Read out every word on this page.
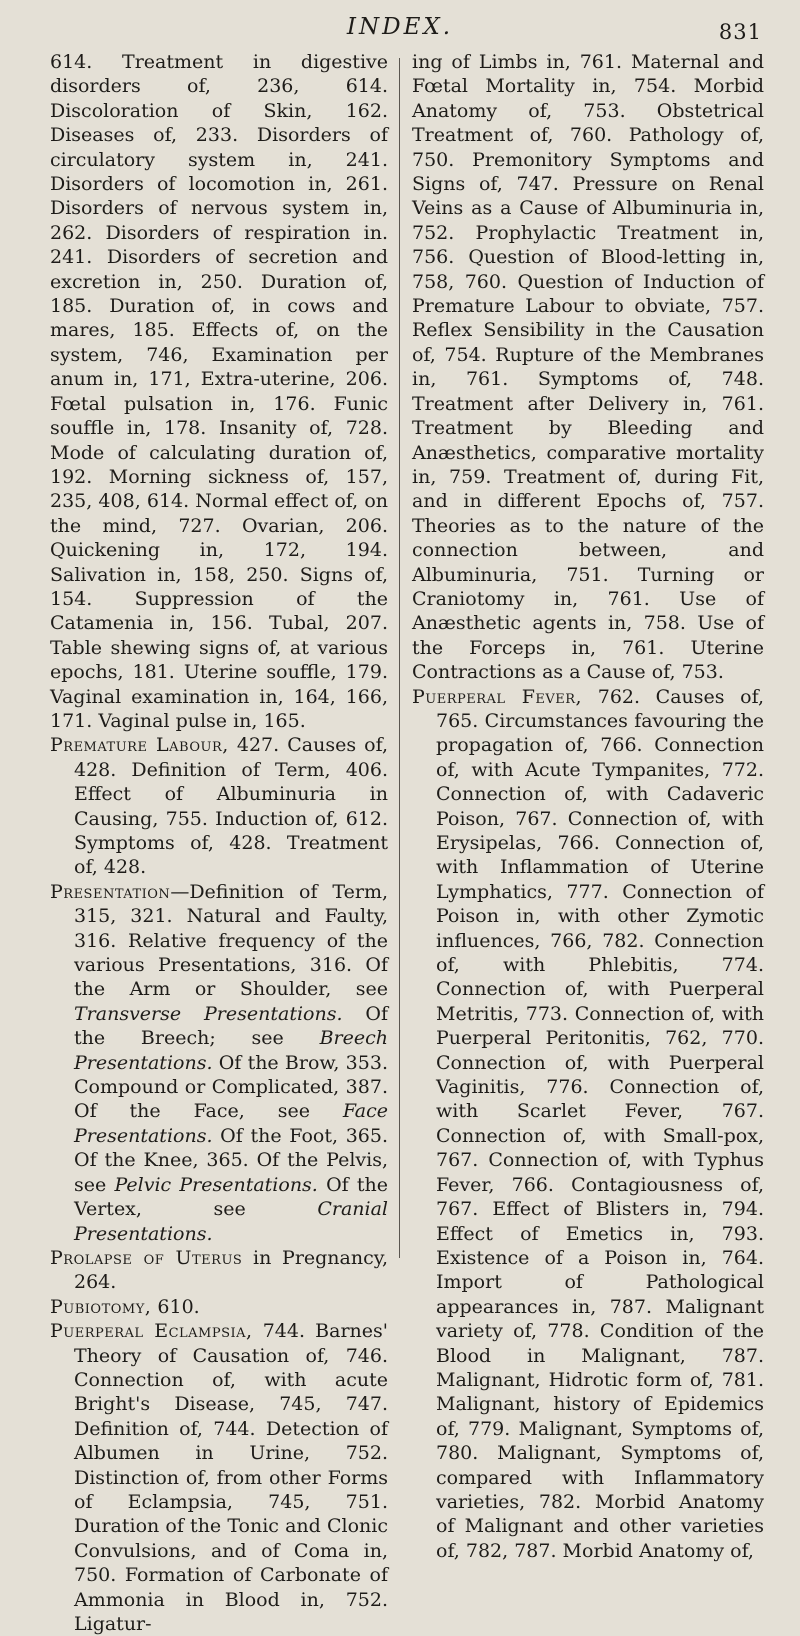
INDEX.	831

614. Treatment in digestive disorders of, 236, 614. Discoloration of Skin, 162. Diseases of, 233. Disorders of circulatory system in, 241. Disorders of locomotion in, 261. Disorders of nervous system in, 262. Disorders of respiration in. 241. Disorders of secretion and excretion in, 250. Duration of, 185. Duration of, in cows and mares, 185. Effects of, on the system, 746, Examination per anum in, 171, Extra-uterine, 206. Fœtal pulsation in, 176. Funic souffle in, 178. Insanity of, 728. Mode of calculating duration of, 192. Morning sickness of, 157, 235, 408, 614. Normal effect of, on the mind, 727. Ovarian, 206. Quickening in, 172, 194. Salivation in, 158, 250. Signs of, 154. Suppression of the Catamenia in, 156. Tubal, 207. Table shewing signs of, at various epochs, 181. Uterine souffle, 179. Vaginal examination in, 164, 166, 171. Vaginal pulse in, 165.

Premature Labour, 427. Causes of, 428. Definition of Term, 406. Effect of Albuminuria in Causing, 755. Induction of, 612. Symptoms of, 428. Treatment of, 428.

Presentation—Definition of Term, 315, 321. Natural and Faulty, 316. Relative frequency of the various Presentations, 316. Of the Arm or Shoulder, see Transverse Presentations. Of the Breech; see Breech Presentations. Of the Brow, 353. Compound or Complicated, 387. Of the Face, see Face Presentations. Of the Foot, 365. Of the Knee, 365. Of the Pelvis, see Pelvic Presentations. Of the Vertex, see Cranial Presentations.

Prolapse of Uterus in Pregnancy, 264.

Pubiotomy, 610.

Puerperal Eclampsia, 744. Barnes' Theory of Causation of, 746. Connection of, with acute Bright's Disease, 745, 747. Definition of, 744. Detection of Albumen in Urine, 752. Distinction of, from other Forms of Eclampsia, 745, 751. Duration of the Tonic and Clonic Convulsions, and of Coma in, 750. Formation of Carbonate of Ammonia in Blood in, 752. Ligatur-

ing of Limbs in, 761. Maternal and Fœtal Mortality in, 754. Morbid Anatomy of, 753. Obstetrical Treatment of, 760. Pathology of, 750. Premonitory Symptoms and Signs of, 747. Pressure on Renal Veins as a Cause of Albuminuria in, 752. Prophylactic Treatment in, 756. Question of Blood-letting in, 758, 760. Question of Induction of Premature Labour to obviate, 757. Reflex Sensibility in the Causation of, 754. Rupture of the Membranes in, 761. Symptoms of, 748. Treatment after Delivery in, 761. Treatment by Bleeding and Anæsthetics, comparative mortality in, 759. Treatment of, during Fit, and in different Epochs of, 757. Theories as to the nature of the connection between, and Albuminuria, 751. Turning or Craniotomy in, 761. Use of Anæsthetic agents in, 758. Use of the Forceps in, 761. Uterine Contractions as a Cause of, 753.

Puerperal Fever, 762. Causes of, 765. Circumstances favouring the propagation of, 766. Connection of, with Acute Tympanites, 772. Connection of, with Cadaveric Poison, 767. Connection of, with Erysipelas, 766. Connection of, with Inflammation of Uterine Lymphatics, 777. Connection of Poison in, with other Zymotic influences, 766, 782. Connection of, with Phlebitis, 774. Connection of, with Puerperal Metritis, 773. Connection of, with Puerperal Peritonitis, 762, 770. Connection of, with Puerperal Vaginitis, 776. Connection of, with Scarlet Fever, 767. Connection of, with Small-pox, 767. Connection of, with Typhus Fever, 766. Contagiousness of, 767. Effect of Blisters in, 794. Effect of Emetics in, 793. Existence of a Poison in, 764. Import of Pathological appearances in, 787. Malignant variety of, 778. Condition of the Blood in Malignant, 787. Malignant, Hidrotic form of, 781. Malignant, history of Epidemics of, 779. Malignant, Symptoms of, 780. Malignant, Symptoms of, compared with Inflammatory varieties, 782. Morbid Anatomy of Malignant and other varieties of, 782, 787. Morbid Anatomy of,
